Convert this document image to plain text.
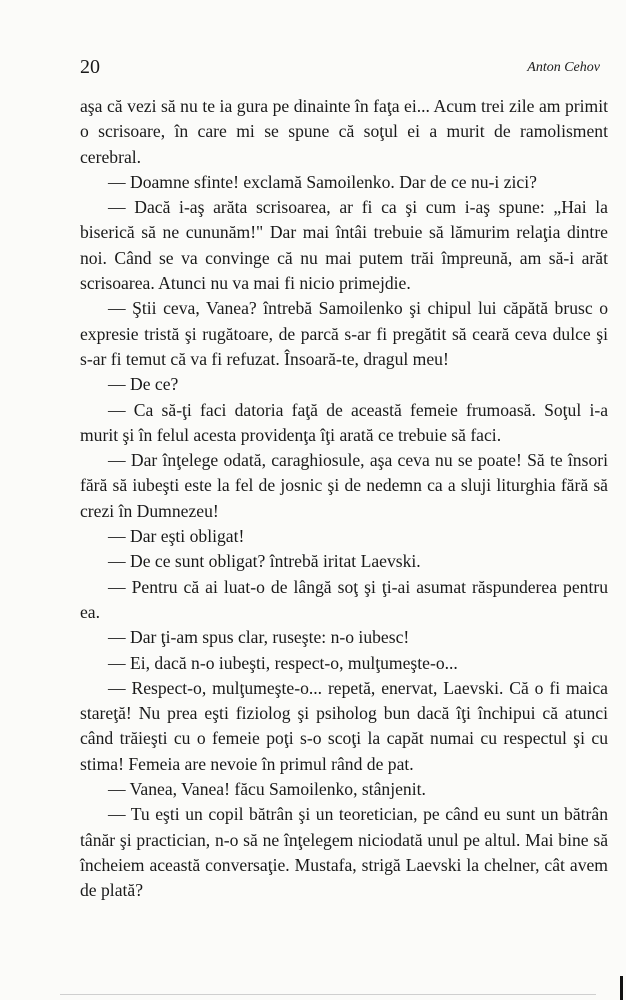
20	Anton Cehov

aşa că vezi să nu te ia gura pe dinainte în faţa ei... Acum trei zile am primit o scrisoare, în care mi se spune că soţul ei a murit de ramolisment cerebral.

— Doamne sfinte! exclamă Samoilenko. Dar de ce nu-i zici?

— Dacă i-aş arăta scrisoarea, ar fi ca şi cum i-aş spune: „Hai la biserică să ne cununăm!" Dar mai întâi trebuie să lămurim relaţia dintre noi. Când se va convinge că nu mai putem trăi împreună, am să-i arăt scrisoarea. Atunci nu va mai fi nicio primejdie.

— Ştii ceva, Vanea? întrebă Samoilenko şi chipul lui căpătă brusc o expresie tristă şi rugătoare, de parcă s-ar fi pregătit să ceară ceva dulce şi s-ar fi temut că va fi refuzat. Însoară-te, dragul meu!

— De ce?

— Ca să-ţi faci datoria faţă de această femeie frumoasă. Soţul i-a murit şi în felul acesta providenţa îţi arată ce trebuie să faci.

— Dar înţelege odată, caraghiosule, aşa ceva nu se poate! Să te însori fără să iubeşti este la fel de josnic şi de nedemn ca a sluji liturghia fără să crezi în Dumnezeu!

— Dar eşti obligat!

— De ce sunt obligat? întrebă iritat Laevski.

— Pentru că ai luat-o de lângă soţ şi ţi-ai asumat răspunderea pentru ea.

— Dar ţi-am spus clar, ruseşte: n-o iubesc!

— Ei, dacă n-o iubeşti, respect-o, mulţumeşte-o...

— Respect-o, mulţumeşte-o... repetă, enervat, Laevski. Că o fi maica stareţă! Nu prea eşti fiziolog şi psiholog bun dacă îţi închipui că atunci când trăieşti cu o femeie poţi s-o scoţi la capăt numai cu respectul şi cu stima! Femeia are nevoie în primul rând de pat.

— Vanea, Vanea! făcu Samoilenko, stânjenit.

— Tu eşti un copil bătrân şi un teoretician, pe când eu sunt un bătrân tânăr şi practician, n-o să ne înţelegem niciodată unul pe altul. Mai bine să încheiem această conversaţie. Mustafa, strigă Laevski la chelner, cât avem de plată?
